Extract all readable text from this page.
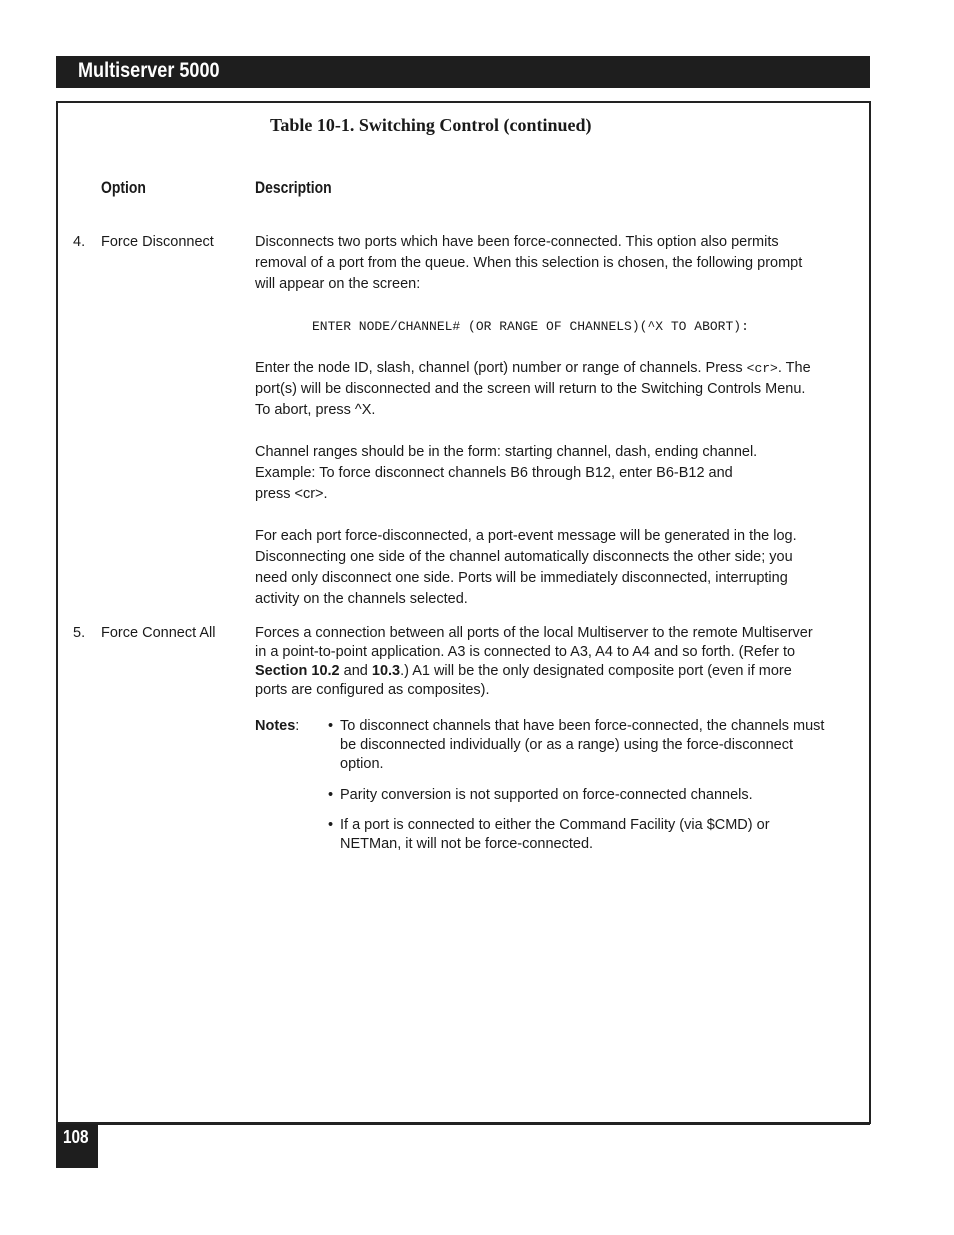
Multiserver 5000
Table 10-1. Switching Control (continued)
Option	Description
4. Force Disconnect	Disconnects two ports which have been force-connected. This option also permits
removal of a port from the queue. When this selection is chosen, the following prompt
will appear on the screen:
ENTER NODE/CHANNEL# (OR RANGE OF CHANNELS)(^X TO ABORT):
Enter the node ID, slash, channel (port) number or range of channels. Press <cr>. The
port(s) will be disconnected and the screen will return to the Switching Controls Menu.
To abort, press ^X.
Channel ranges should be in the form: starting channel, dash, ending channel.
Example: To force disconnect channels B6 through B12, enter B6-B12 and
press <cr>.
For each port force-disconnected, a port-event message will be generated in the log.
Disconnecting one side of the channel automatically disconnects the other side; you
need only disconnect one side. Ports will be immediately disconnected, interrupting
activity on the channels selected.
5. Force Connect All	Forces a connection between all ports of the local Multiserver to the remote Multiserver
in a point-to-point application. A3 is connected to A3, A4 to A4 and so forth. (Refer to
Section 10.2 and 10.3.) A1 will be the only designated composite port (even if more
ports are configured as composites).
Notes: • To disconnect channels that have been force-connected, the channels must
be disconnected individually (or as a range) using the force-disconnect
option.
• Parity conversion is not supported on force-connected channels.
• If a port is connected to either the Command Facility (via $CMD) or
NETMan, it will not be force-connected.
108
